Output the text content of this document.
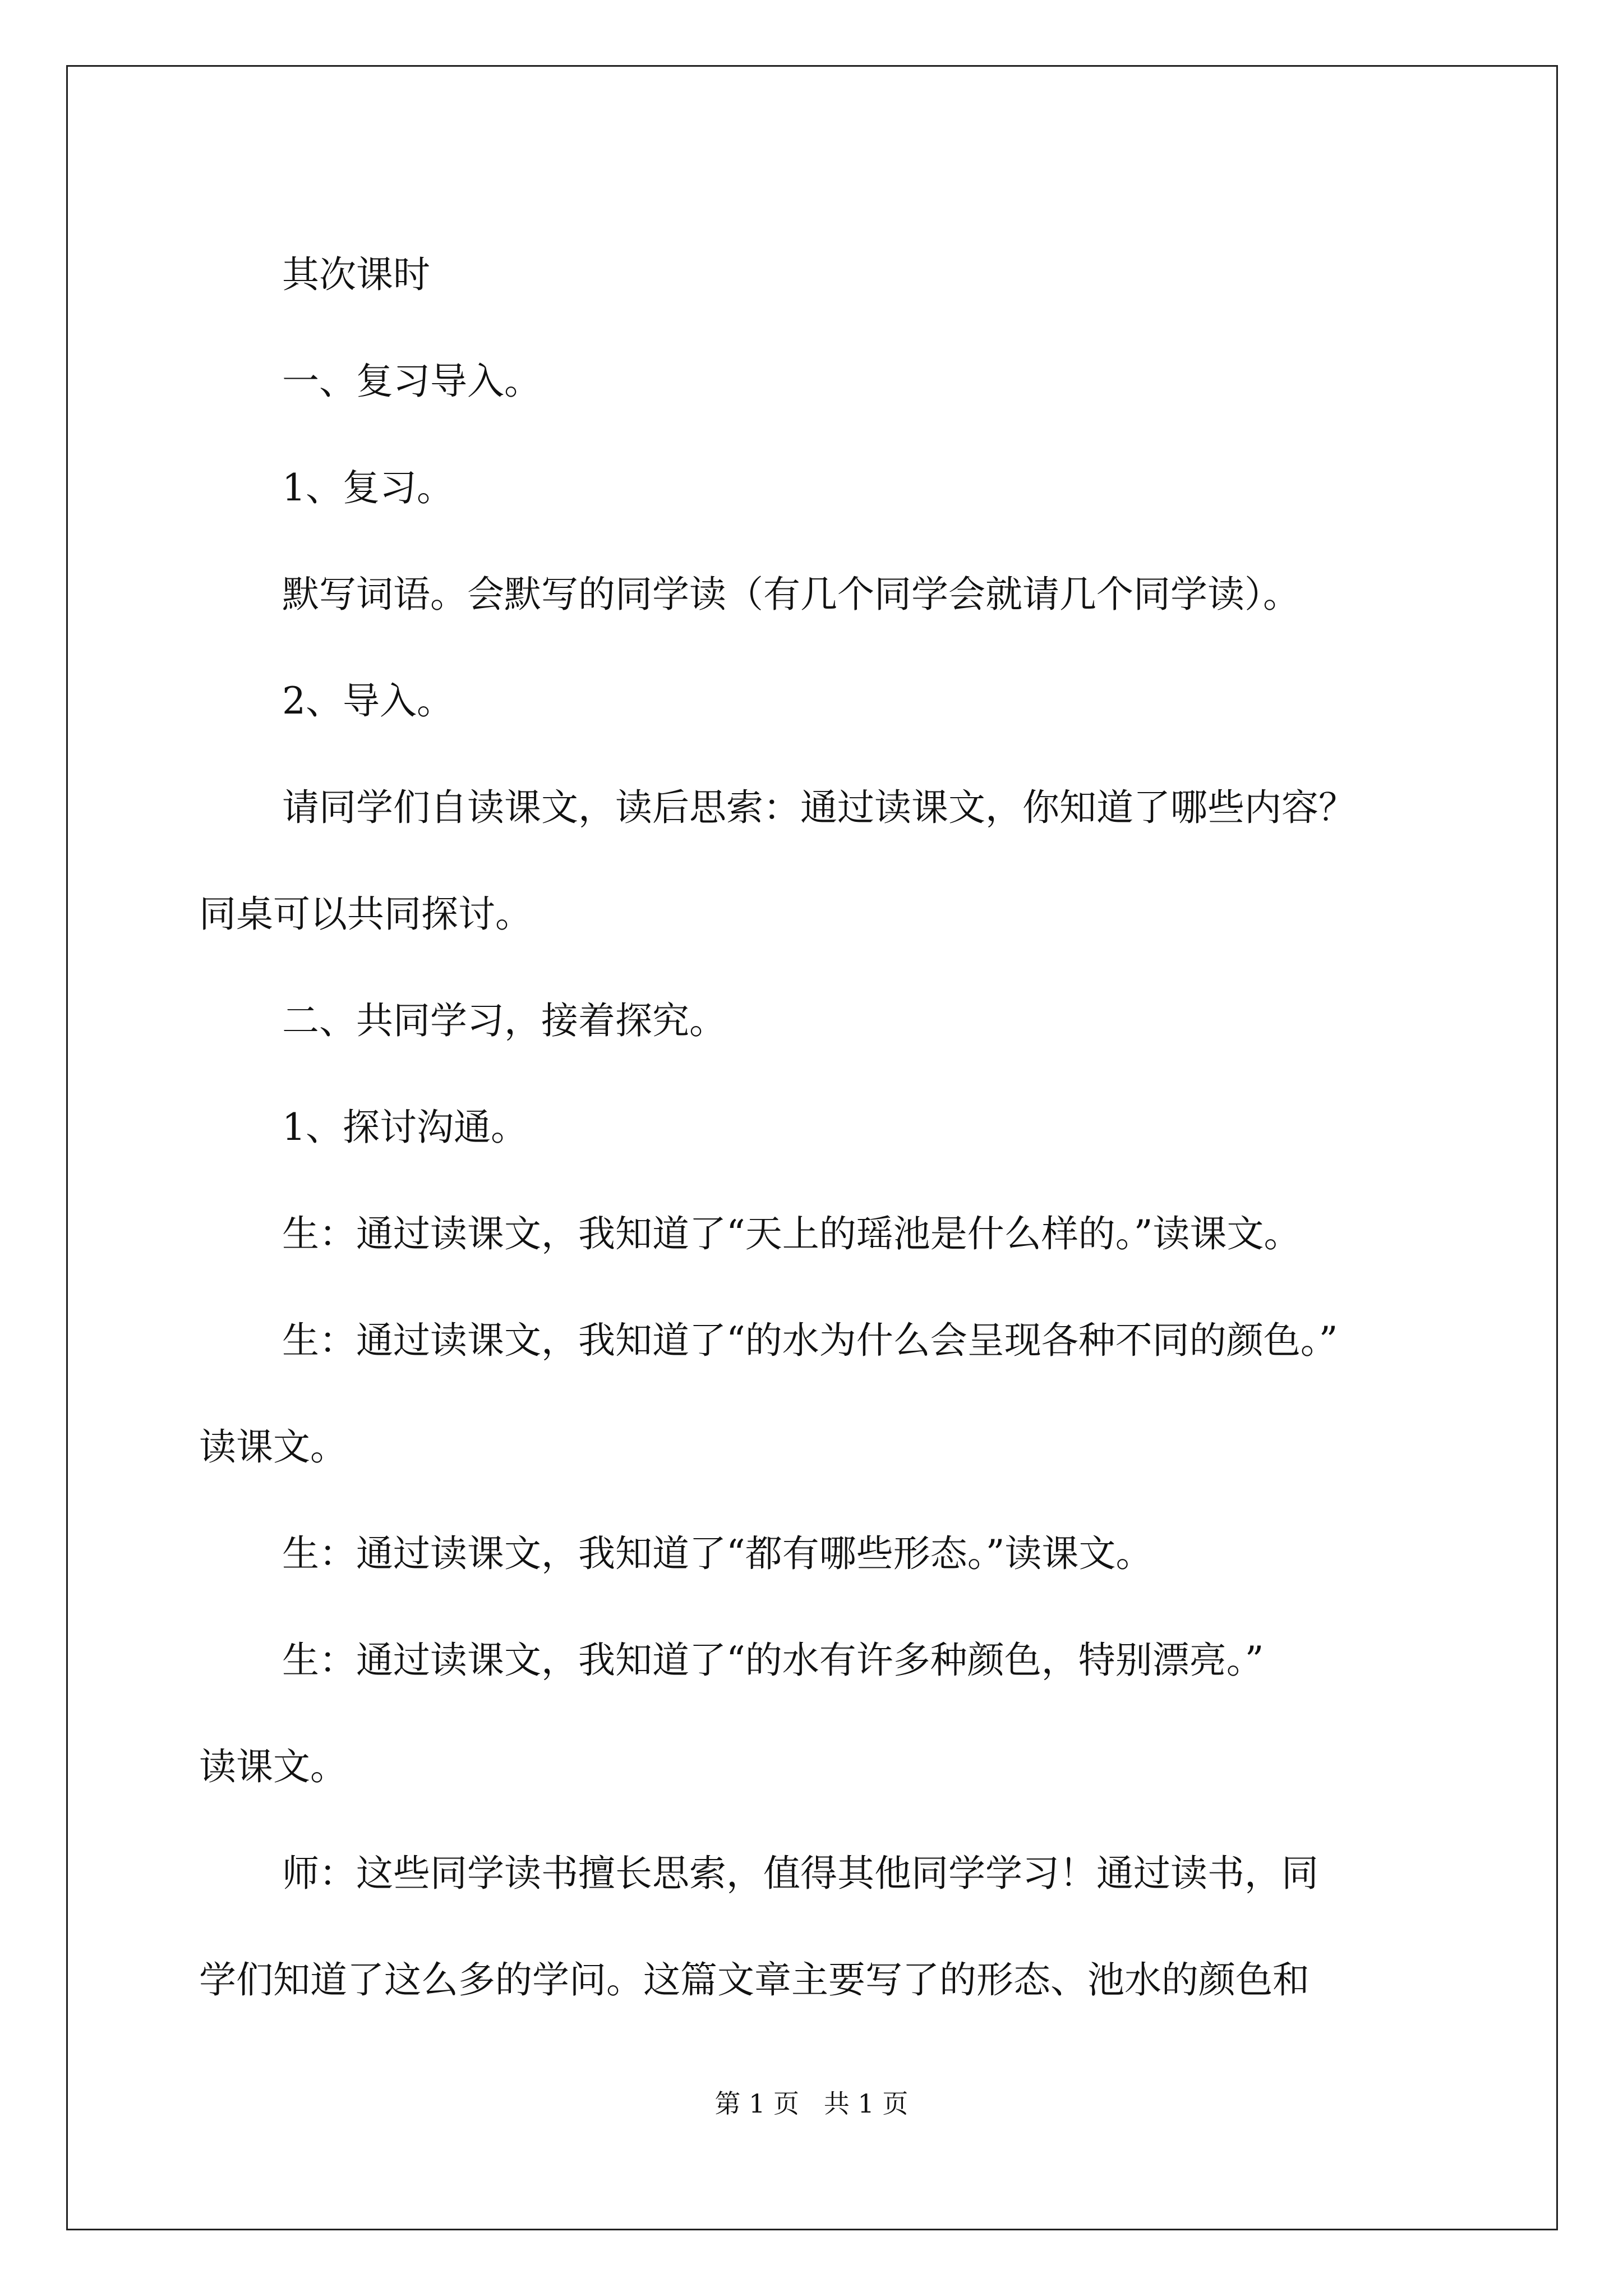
其次课时

一、复习导入。

1、复习。

默写词语。会默写的同学读（有几个同学会就请几个同学读）。

2、导入。

请同学们自读课文，读后思索：通过读课文，你知道了哪些内容？

同桌可以共同探讨。

二、共同学习，接着探究。

1、探讨沟通。

生：通过读课文，我知道了“天上的瑶池是什么样的。”读课文。

生：通过读课文，我知道了“的水为什么会呈现各种不同的颜色。”

读课文。

生：通过读课文，我知道了“都有哪些形态。”读课文。

生：通过读课文，我知道了“的水有许多种颜色，特别漂亮。”

读课文。

师：这些同学读书擅长思索，值得其他同学学习！通过读书，同

学们知道了这么多的学问。这篇文章主要写了的形态、池水的颜色和

第 1 页   共 1 页
